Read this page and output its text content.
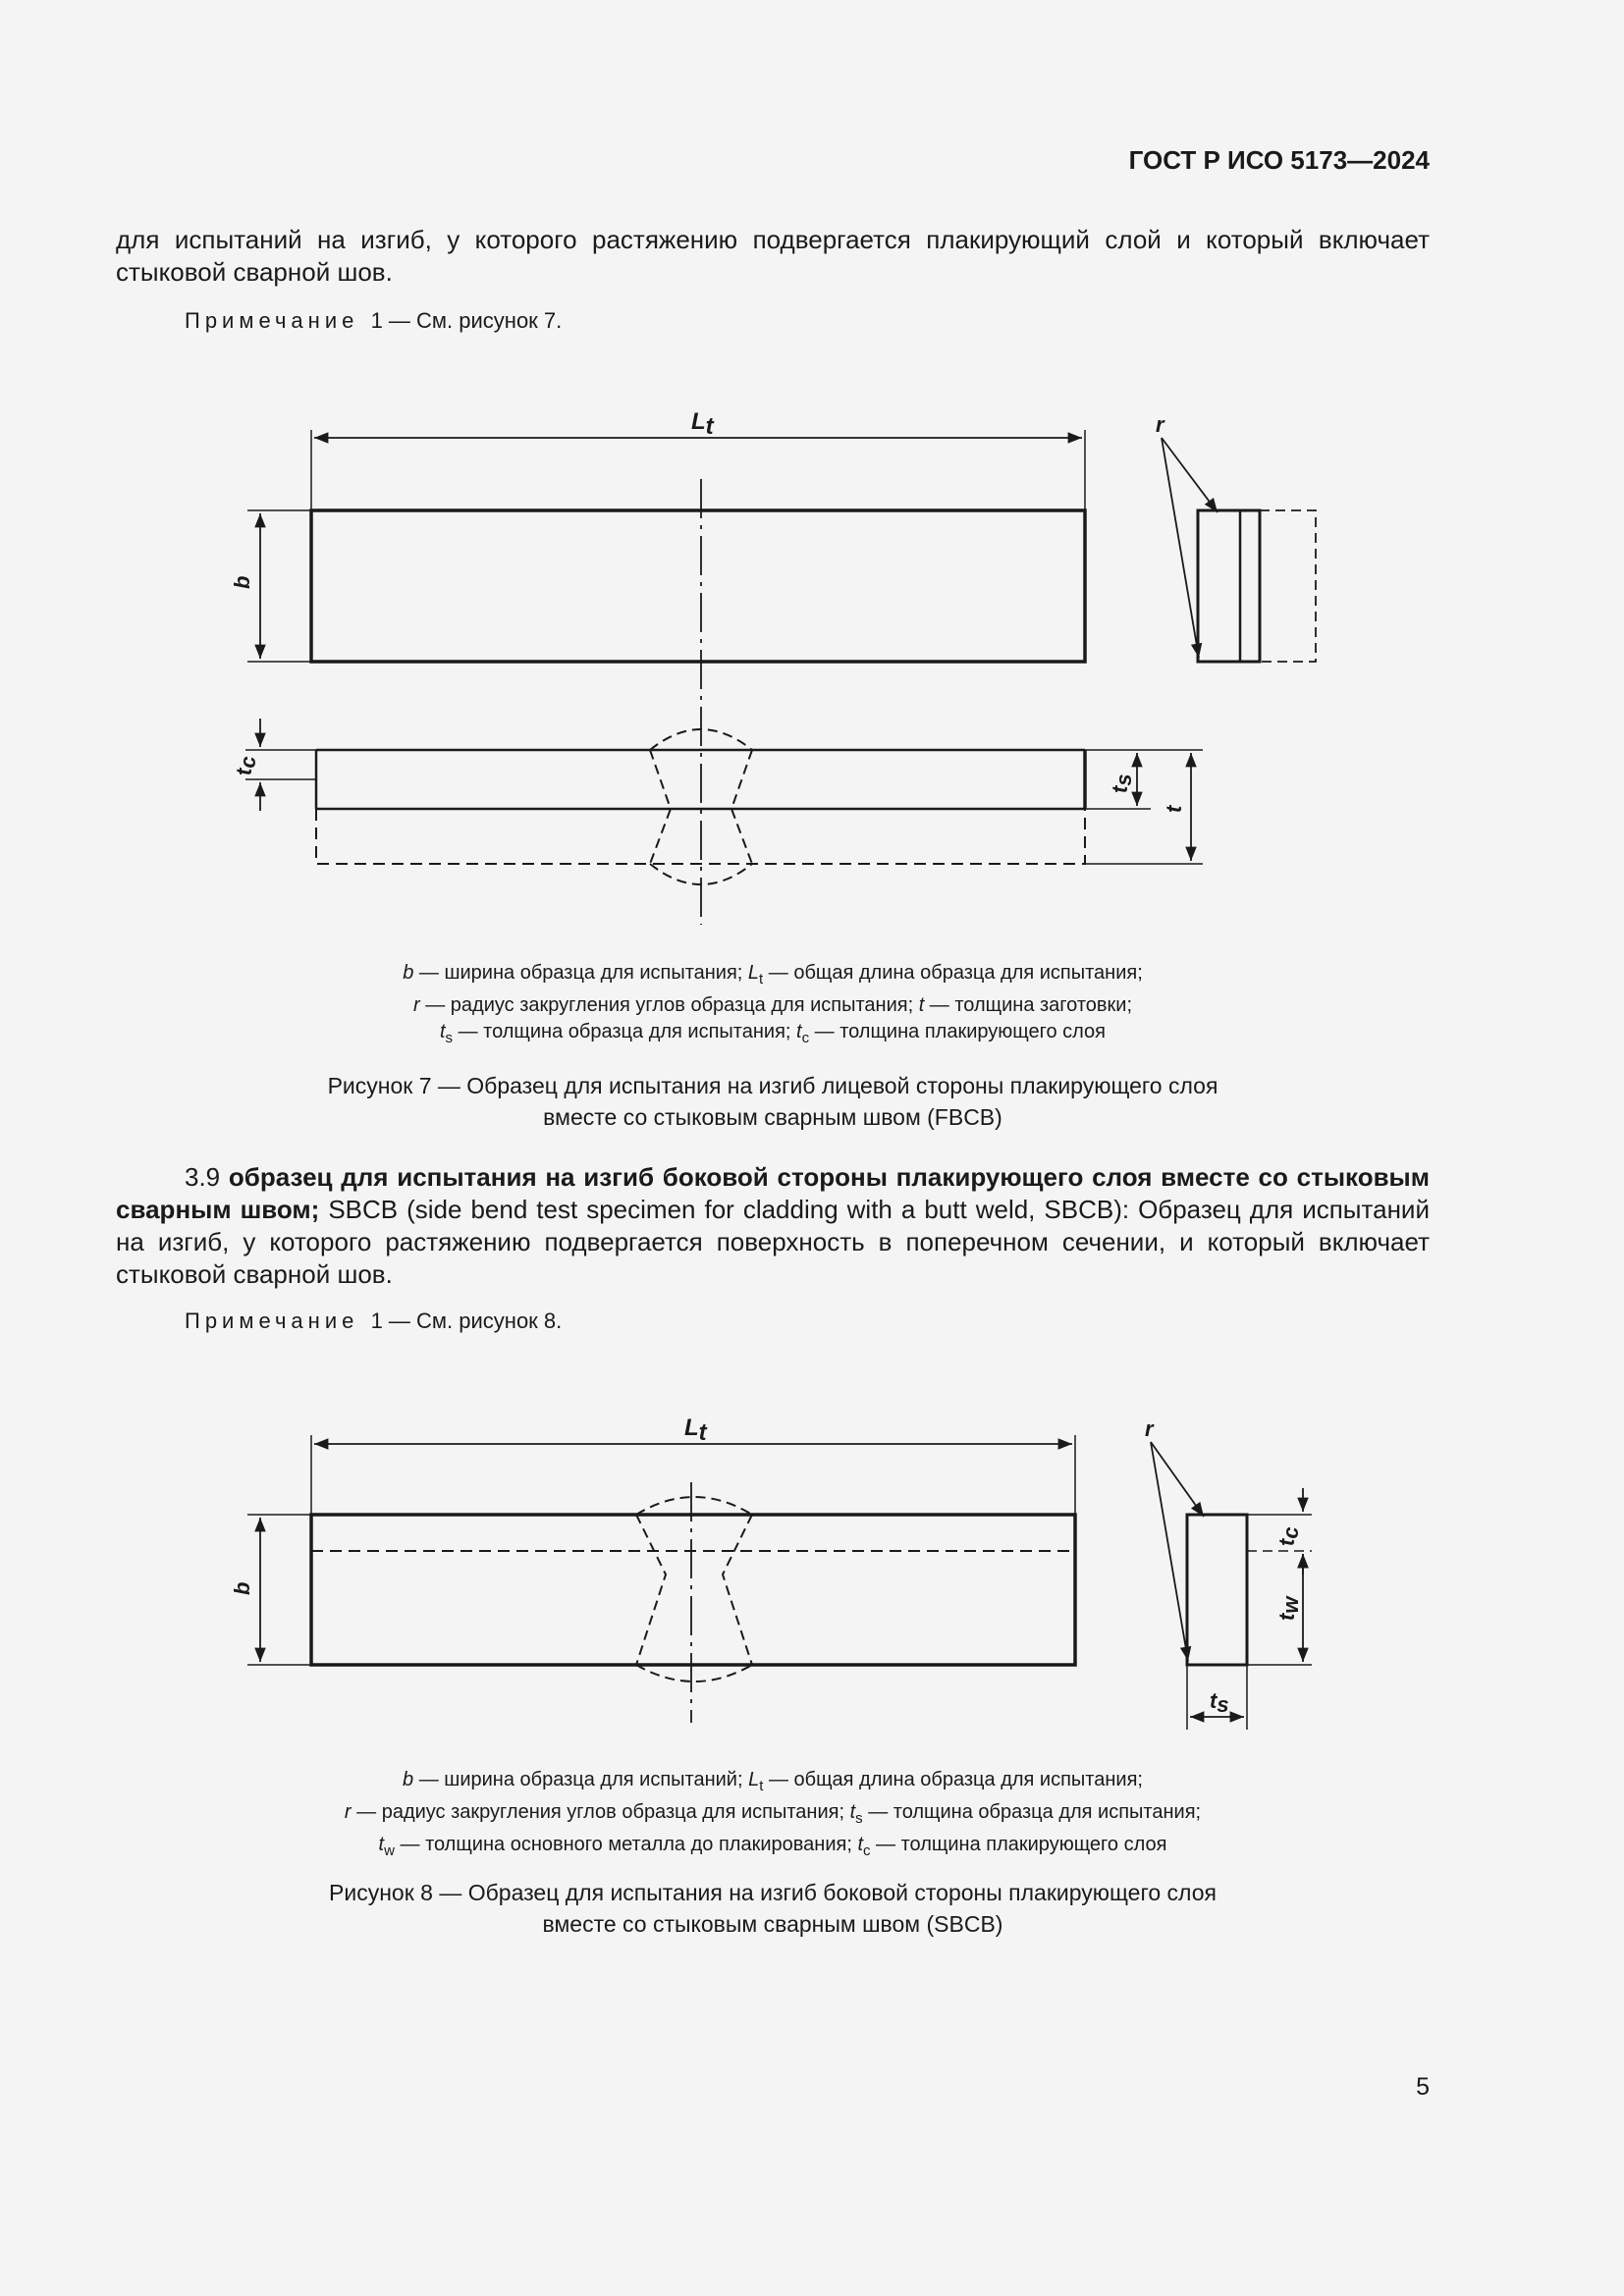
ГОСТ Р ИСО 5173—2024
для испытаний на изгиб, у которого растяжению подвергается плакирующий слой и который включает стыковой сварной шов.
Примечание 1 — См. рисунок 7.
Lt	r
b
tc
ts
t
b — ширина образца для испытания; $L_t$ — общая длина образца для испытания;
r — радиус закругления углов образца для испытания; t — толщина заготовки;
$t_s$ — толщина образца для испытания; $t_c$ — толщина плакирующего слоя
Рисунок 7 — Образец для испытания на изгиб лицевой стороны плакирующего слоя
вместе со стыковым сварным швом (FBCB)
3.9 образец для испытания на изгиб боковой стороны плакирующего слоя вместе со стыковым сварным швом; SBCB (side bend test specimen for cladding with a butt weld, SBCB): Образец для испытаний на изгиб, у которого растяжению подвергается поверхность в поперечном сечении, и который включает стыковой сварной шов.
Примечание 1 — См. рисунок 8.
Lt	r
b
tc
tw
ts
b — ширина образца для испытаний; $L_t$ — общая длина образца для испытания;
r — радиус закругления углов образца для испытания; $t_s$ — толщина образца для испытания;
$t_w$ — толщина основного металла до плакирования; $t_c$ — толщина плакирующего слоя
Рисунок 8 — Образец для испытания на изгиб боковой стороны плакирующего слоя
вместе со стыковым сварным швом (SBCB)
5
